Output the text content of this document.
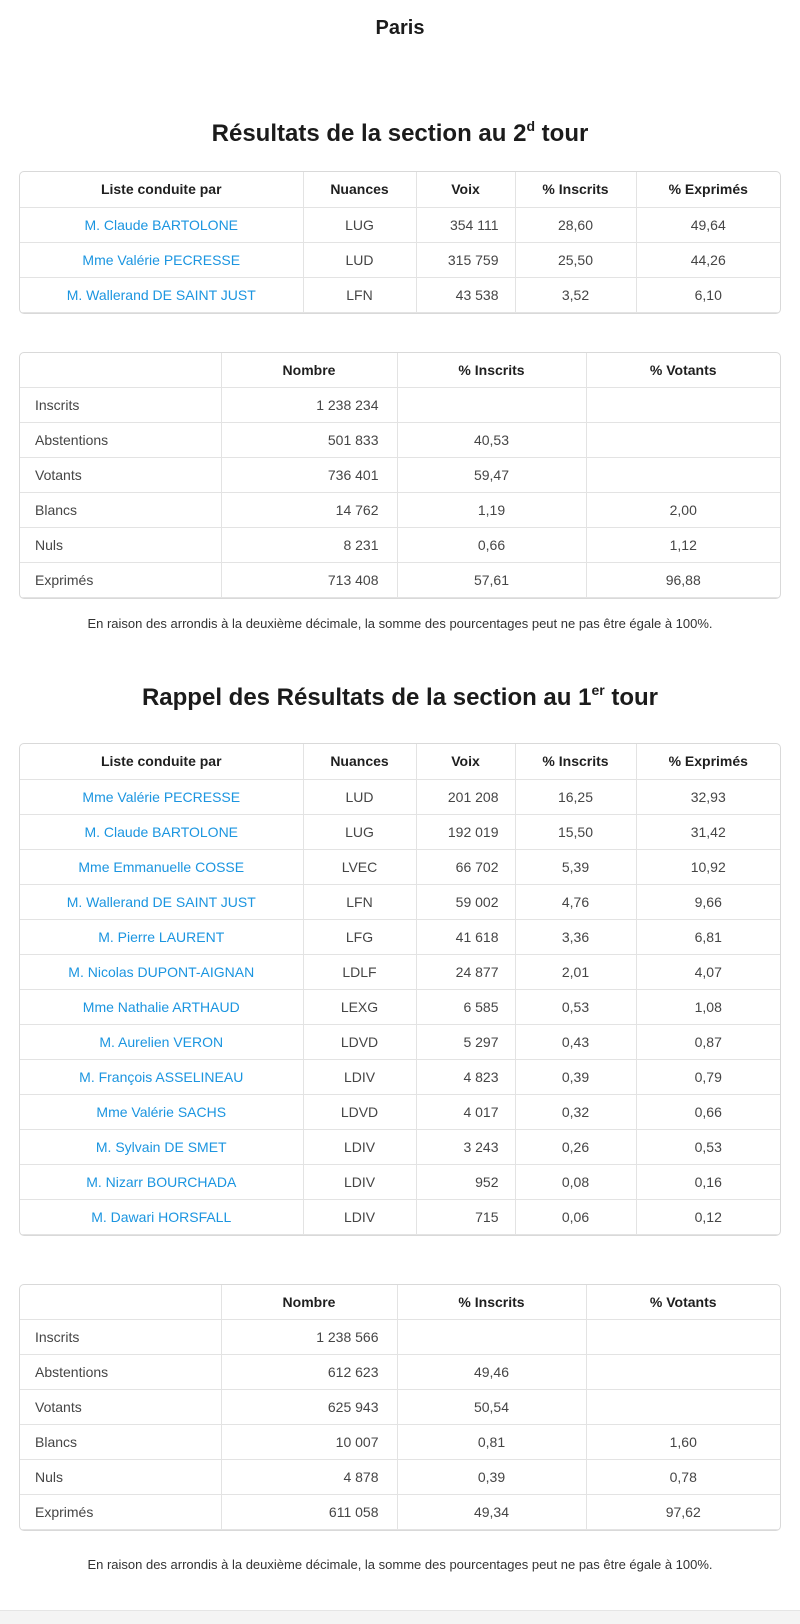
Paris
Résultats de la section au 2$^d$ tour
Liste conduite par	Nuances	Voix	% Inscrits	% Exprimés
M. Claude BARTOLONE	LUG	354 111	28,60	49,64
Mme Valérie PECRESSE	LUD	315 759	25,50	44,26
M. Wallerand DE SAINT JUST	LFN	43 538	3,52	6,10
	Nombre	% Inscrits	% Votants
Inscrits	1 238 234		
Abstentions	501 833	40,53	
Votants	736 401	59,47	
Blancs	14 762	1,19	2,00
Nuls	8 231	0,66	1,12
Exprimés	713 408	57,61	96,88

En raison des arrondis à la deuxième décimale, la somme des pourcentages peut ne pas être égale à 100%.

Rappel des Résultats de la section au 1er tour
Liste conduite par	Nuances	Voix	% Inscrits	% Exprimés
Mme Valérie PECRESSE	LUD	201 208	16,25	32,93
M. Claude BARTOLONE	LUG	192 019	15,50	31,42
Mme Emmanuelle COSSE	LVEC	66 702	5,39	10,92
M. Wallerand DE SAINT JUST	LFN	59 002	4,76	9,66
M. Pierre LAURENT	LFG	41 618	3,36	6,81
M. Nicolas DUPONT-AIGNAN	LDLF	24 877	2,01	4,07
Mme Nathalie ARTHAUD	LEXG	6 585	0,53	1,08
M. Aurelien VERON	LDVD	5 297	0,43	0,87
M. François ASSELINEAU	LDIV	4 823	0,39	0,79
Mme Valérie SACHS	LDVD	4 017	0,32	0,66
M. Sylvain DE SMET	LDIV	3 243	0,26	0,53
M. Nizarr BOURCHADA	LDIV	952	0,08	0,16
M. Dawari HORSFALL	LDIV	715	0,06	0,12
	Nombre	% Inscrits	% Votants
Inscrits	1 238 566		
Abstentions	612 623	49,46	
Votants	625 943	50,54	
Blancs	10 007	0,81	1,60
Nuls	4 878	0,39	0,78
Exprimés	611 058	49,34	97,62

En raison des arrondis à la deuxième décimale, la somme des pourcentages peut ne pas être égale à 100%.
